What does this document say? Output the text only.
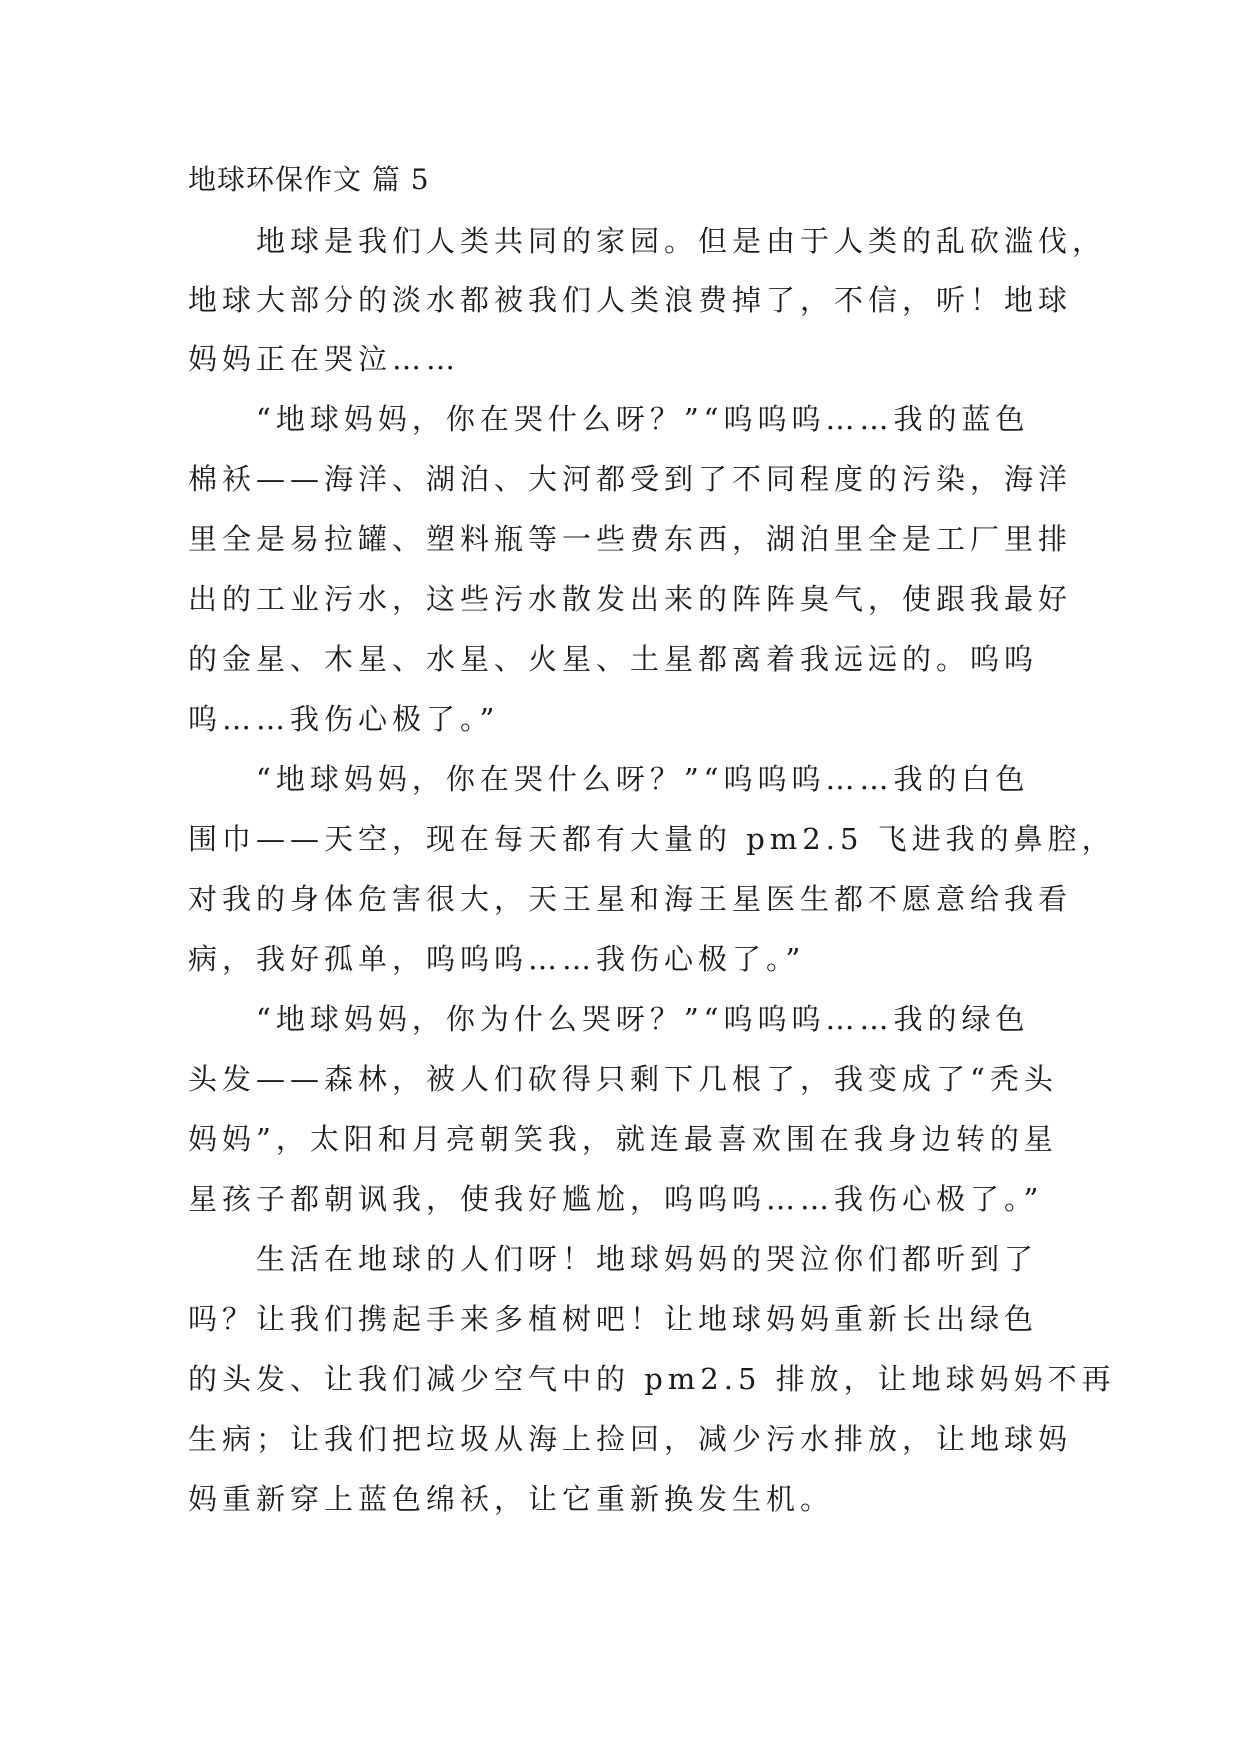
地球环保作文 篇 5
地球是我们人类共同的家园。但是由于人类的乱砍滥伐，
地球大部分的淡水都被我们人类浪费掉了，不信，听！地球
妈妈正在哭泣……
“地球妈妈，你在哭什么呀？”“呜呜呜……我的蓝色
棉袄——海洋、湖泊、大河都受到了不同程度的污染，海洋
里全是易拉罐、塑料瓶等一些费东西，湖泊里全是工厂里排
出的工业污水，这些污水散发出来的阵阵臭气，使跟我最好
的金星、木星、水星、火星、土星都离着我远远的。呜呜
呜……我伤心极了。”
“地球妈妈，你在哭什么呀？”“呜呜呜……我的白色
围巾——天空，现在每天都有大量的 pm2.5 飞进我的鼻腔，
对我的身体危害很大，天王星和海王星医生都不愿意给我看
病，我好孤单，呜呜呜……我伤心极了。”
“地球妈妈，你为什么哭呀？”“呜呜呜……我的绿色
头发——森林，被人们砍得只剩下几根了，我变成了“秃头
妈妈”，太阳和月亮朝笑我，就连最喜欢围在我身边转的星
星孩子都朝讽我，使我好尴尬，呜呜呜……我伤心极了。”
生活在地球的人们呀！地球妈妈的哭泣你们都听到了
吗？让我们携起手来多植树吧！让地球妈妈重新长出绿色
的头发、让我们减少空气中的 pm2.5 排放，让地球妈妈不再
生病；让我们把垃圾从海上捡回，减少污水排放，让地球妈
妈重新穿上蓝色绵袄，让它重新换发生机。
